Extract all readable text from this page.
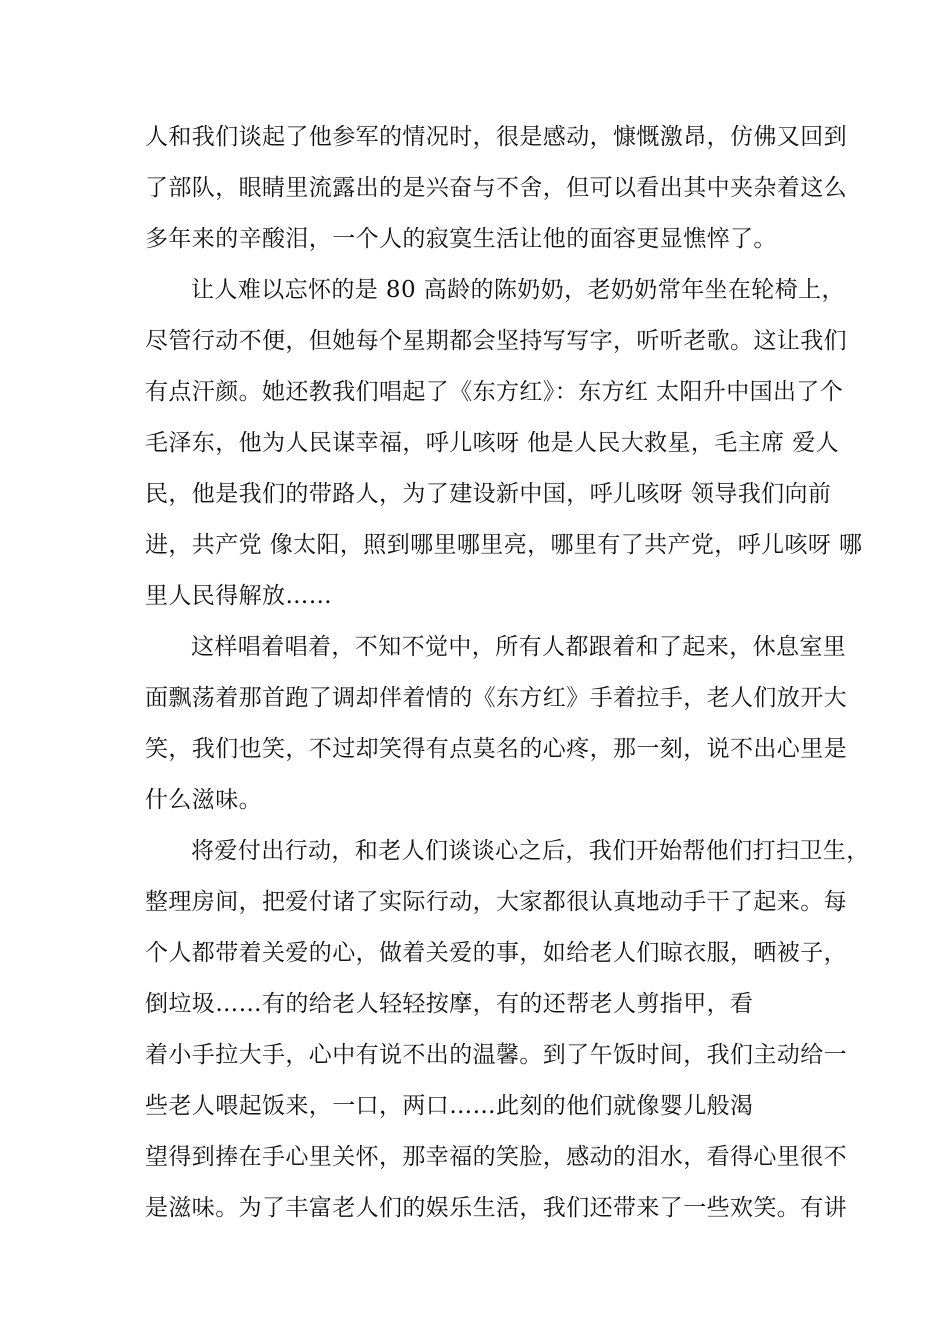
人和我们谈起了他参军的情况时，很是感动，慷慨激昂，仿佛又回到
了部队，眼睛里流露出的是兴奋与不舍，但可以看出其中夹杂着这么
多年来的辛酸泪，一个人的寂寞生活让他的面容更显憔悴了。
让人难以忘怀的是 80 高龄的陈奶奶，老奶奶常年坐在轮椅上，
尽管行动不便，但她每个星期都会坚持写写字，听听老歌。这让我们
有点汗颜。她还教我们唱起了《东方红》：东方红 太阳升中国出了个
毛泽东，他为人民谋幸福，呼儿咳呀 他是人民大救星，毛主席 爱人
民，他是我们的带路人，为了建设新中国，呼儿咳呀 领导我们向前
进，共产党 像太阳，照到哪里哪里亮，哪里有了共产党，呼儿咳呀 哪
里人民得解放……
这样唱着唱着，不知不觉中，所有人都跟着和了起来，休息室里
面飘荡着那首跑了调却伴着情的《东方红》手着拉手，老人们放开大
笑，我们也笑，不过却笑得有点莫名的心疼，那一刻，说不出心里是
什么滋味。
将爱付出行动，和老人们谈谈心之后，我们开始帮他们打扫卫生，
整理房间，把爱付诸了实际行动，大家都很认真地动手干了起来。每
个人都带着关爱的心，做着关爱的事，如给老人们晾衣服，晒被子，
倒垃圾……有的给老人轻轻按摩，有的还帮老人剪指甲，看
着小手拉大手，心中有说不出的温馨。到了午饭时间，我们主动给一
些老人喂起饭来，一口，两口……此刻的他们就像婴儿般渴
望得到捧在手心里关怀，那幸福的笑脸，感动的泪水，看得心里很不
是滋味。为了丰富老人们的娱乐生活，我们还带来了一些欢笑。有讲
